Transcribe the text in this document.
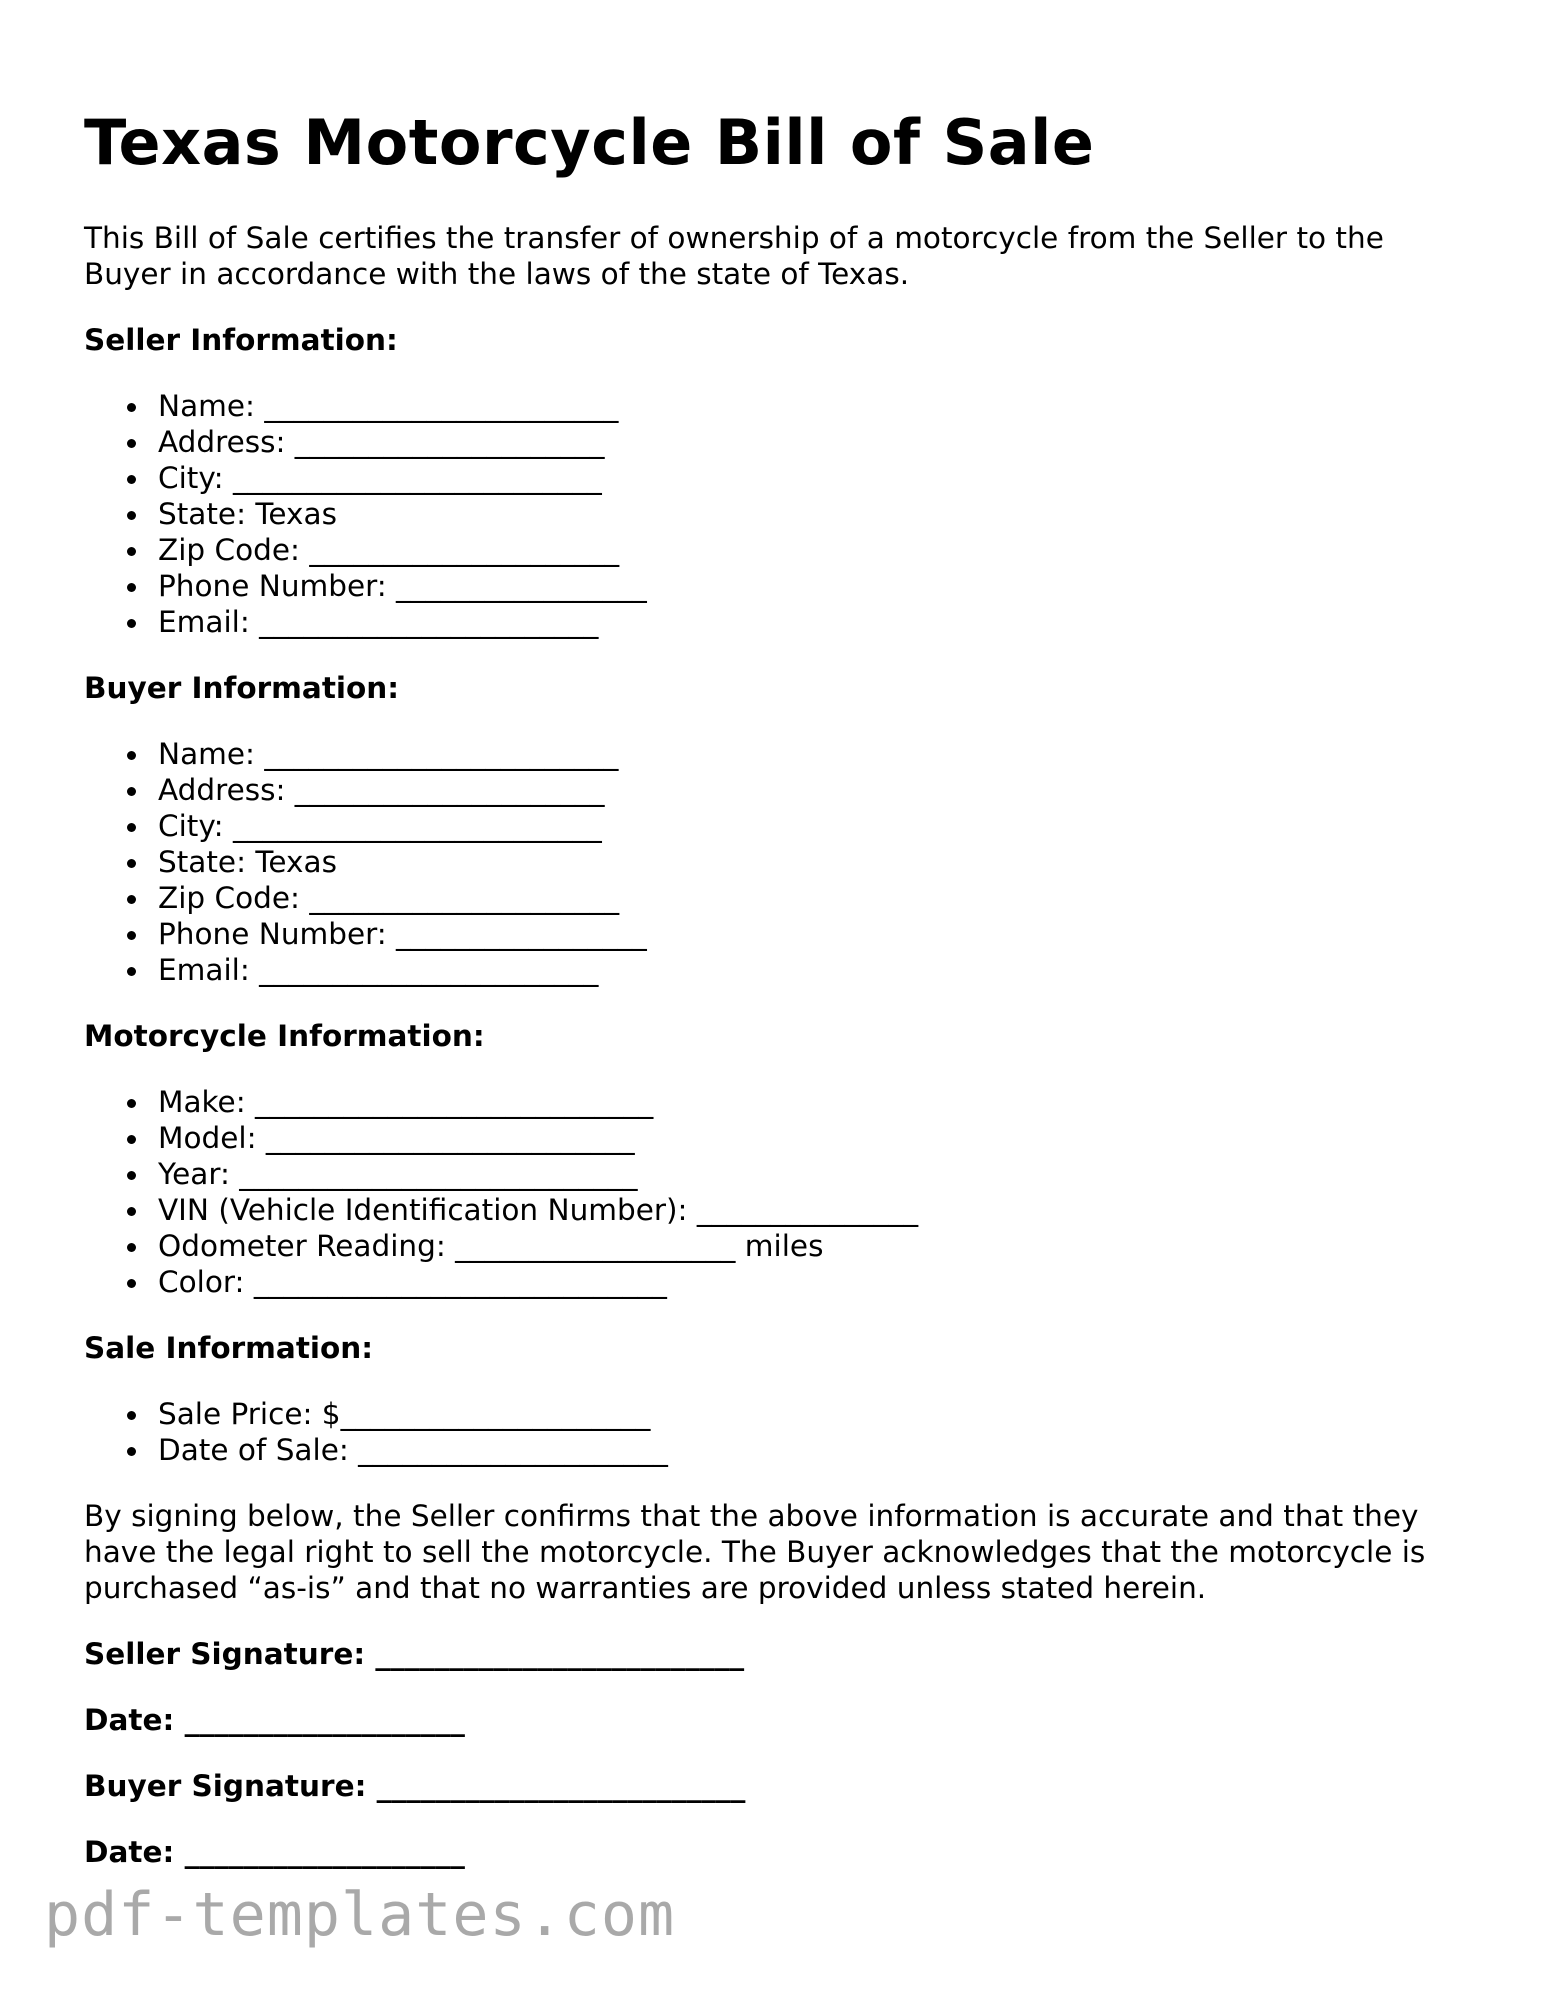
Texas Motorcycle Bill of Sale

This Bill of Sale certifies the transfer of ownership of a motorcycle from the Seller to the Buyer in accordance with the laws of the state of Texas.

Seller Information:
Name: ________________________
Address: _____________________
City: _________________________
State: Texas
Zip Code: _____________________
Phone Number: _________________
Email: _______________________
Buyer Information:
Name: ________________________
Address: _____________________
City: _________________________
State: Texas
Zip Code: _____________________
Phone Number: _________________
Email: _______________________
Motorcycle Information:
Make: ___________________________
Model: _________________________
Year: ___________________________
VIN (Vehicle Identification Number): _______________
Odometer Reading: ___________________ miles
Color: ____________________________
Sale Information:
Sale Price: $_____________________
Date of Sale: _____________________

By signing below, the Seller confirms that the above information is accurate and that they have the legal right to sell the motorcycle. The Buyer acknowledges that the motorcycle is purchased “as-is” and that no warranties are provided unless stated herein.

Seller Signature: _________________________
Date: ___________________
Buyer Signature: _________________________
Date: ___________________
pdf-templates.com
